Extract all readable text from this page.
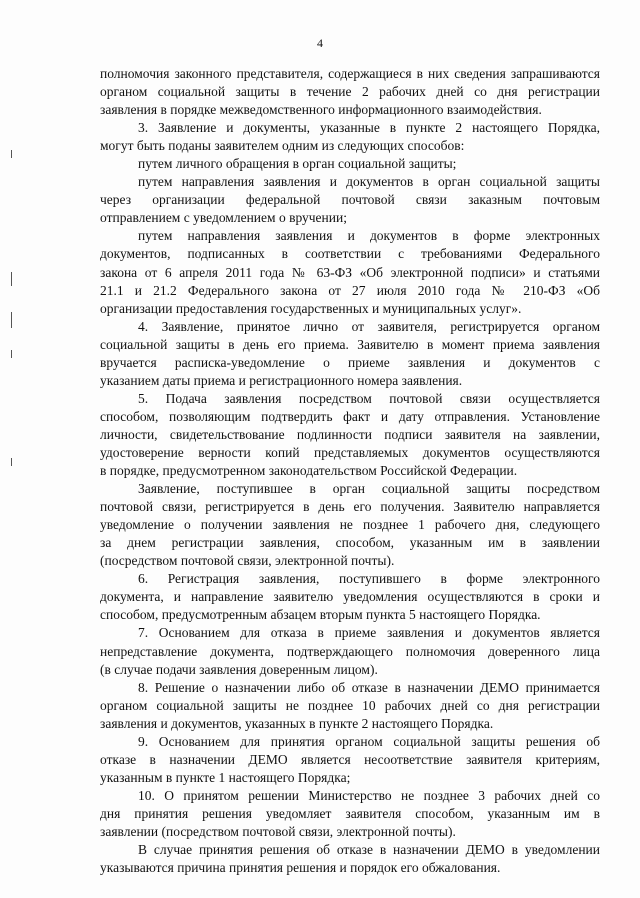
4
полномочия законного представителя, содержащиеся в них сведения запрашиваются
органом социальной защиты в течение 2 рабочих дней со дня регистрации
заявления в порядке межведомственного информационного взаимодействия.
3. Заявление и документы, указанные в пункте 2 настоящего Порядка,
могут быть поданы заявителем одним из следующих способов:
путем личного обращения в орган социальной защиты;
путем направления заявления и документов в орган социальной защиты
через организации федеральной почтовой связи заказным почтовым
отправлением с уведомлением о вручении;
путем направления заявления и документов в форме электронных
документов, подписанных в соответствии с требованиями Федерального
закона от 6 апреля 2011 года № 63-ФЗ «Об электронной подписи» и статьями
21.1 и 21.2 Федерального закона от 27 июля 2010 года № 210-ФЗ «Об
организации предоставления государственных и муниципальных услуг».
4. Заявление, принятое лично от заявителя, регистрируется органом
социальной защиты в день его приема. Заявителю в момент приема заявления
вручается расписка-уведомление о приеме заявления и документов с
указанием даты приема и регистрационного номера заявления.
5. Подача заявления посредством почтовой связи осуществляется
способом, позволяющим подтвердить факт и дату отправления. Установление
личности, свидетельствование подлинности подписи заявителя на заявлении,
удостоверение верности копий представляемых документов осуществляются
в порядке, предусмотренном законодательством Российской Федерации.
Заявление, поступившее в орган социальной защиты посредством
почтовой связи, регистрируется в день его получения. Заявителю направляется
уведомление о получении заявления не позднее 1 рабочего дня, следующего
за днем регистрации заявления, способом, указанным им в заявлении
(посредством почтовой связи, электронной почты).
6. Регистрация заявления, поступившего в форме электронного
документа, и направление заявителю уведомления осуществляются в сроки и
способом, предусмотренным абзацем вторым пункта 5 настоящего Порядка.
7. Основанием для отказа в приеме заявления и документов является
непредставление документа, подтверждающего полномочия доверенного лица
(в случае подачи заявления доверенным лицом).
8. Решение о назначении либо об отказе в назначении ДЕМО принимается
органом социальной защиты не позднее 10 рабочих дней со дня регистрации
заявления и документов, указанных в пункте 2 настоящего Порядка.
9. Основанием для принятия органом социальной защиты решения об
отказе в назначении ДЕМО является несоответствие заявителя критериям,
указанным в пункте 1 настоящего Порядка;
10. О принятом решении Министерство не позднее 3 рабочих дней со
дня принятия решения уведомляет заявителя способом, указанным им в
заявлении (посредством почтовой связи, электронной почты).
В случае принятия решения об отказе в назначении ДЕМО в уведомлении
указываются причина принятия решения и порядок его обжалования.
